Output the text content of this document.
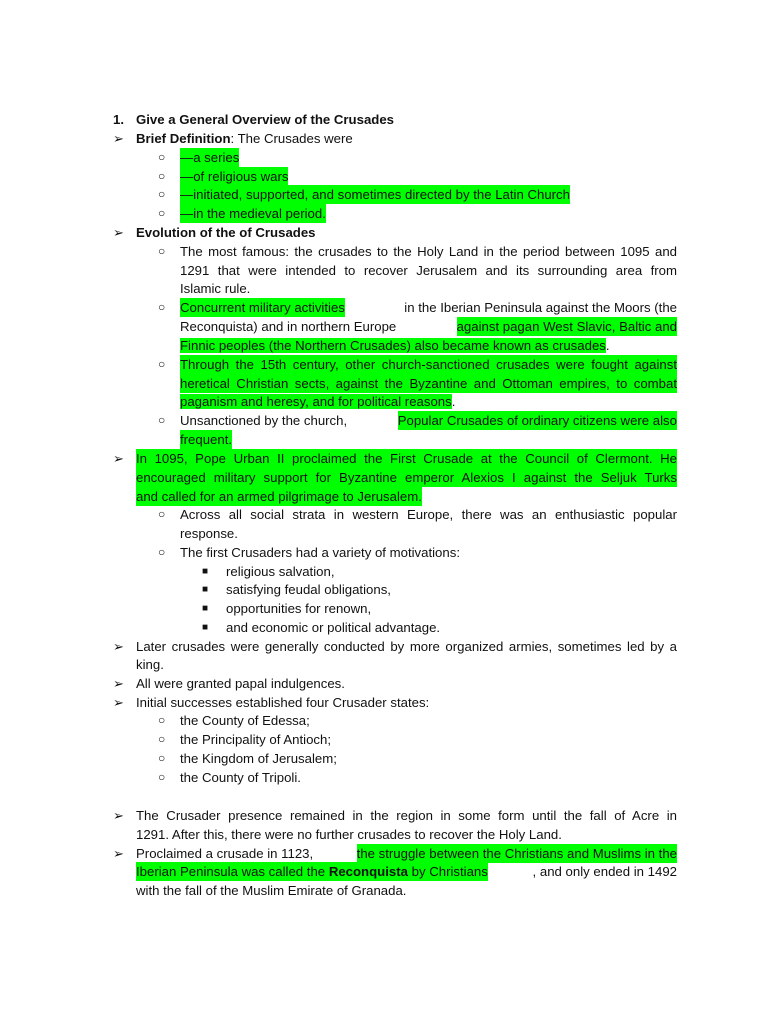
1. Give a General Overview of the Crusades
➢ Brief Definition: The Crusades were
○	—a series
○	—of religious wars
○	—initiated, supported, and sometimes directed by the Latin Church
○	—in the medieval period.
➢ Evolution of the of Crusades
○	The most famous: the crusades to the Holy Land in the period between 1095 and
1291 that were intended to recover Jerusalem and its surrounding area from
Islamic rule.
○	Concurrent military activities	in the Iberian Peninsula against the Moors (the
Reconquista) and in northern Europe	against pagan West Slavic, Baltic and
Finnic peoples (the Northern Crusades) also became known as crusades.
○	Through the 15th century, other church-sanctioned crusades were fought against
heretical Christian sects, against the Byzantine and Ottoman empires, to combat
paganism and heresy, and for political reasons.
○	Unsanctioned by the church,	Popular Crusades of ordinary citizens were also
frequent.
➢ In 1095, Pope Urban II proclaimed the First Crusade at the Council of Clermont. He
encouraged military support for Byzantine emperor Alexios I against the Seljuk Turks
and called for an armed pilgrimage to Jerusalem.
○	Across all social strata in western Europe, there was an enthusiastic popular
response.
○	The first Crusaders had a variety of motivations:
■	religious salvation,
■	satisfying feudal obligations,
■	opportunities for renown,
■	and economic or political advantage.
➢ Later crusades were generally conducted by more organized armies, sometimes led by a
king.
➢ All were granted papal indulgences.
➢ Initial successes established four Crusader states:
○	the County of Edessa;
○	the Principality of Antioch;
○	the Kingdom of Jerusalem;
○	the County of Tripoli.
➢ The Crusader presence remained in the region in some form until the fall of Acre in
1291. After this, there were no further crusades to recover the Holy Land.
➢ Proclaimed a crusade in 1123,	the struggle between the Christians and Muslims in the
Iberian Peninsula was called the Reconquista by Christians	, and only ended in 1492
with the fall of the Muslim Emirate of Granada.
